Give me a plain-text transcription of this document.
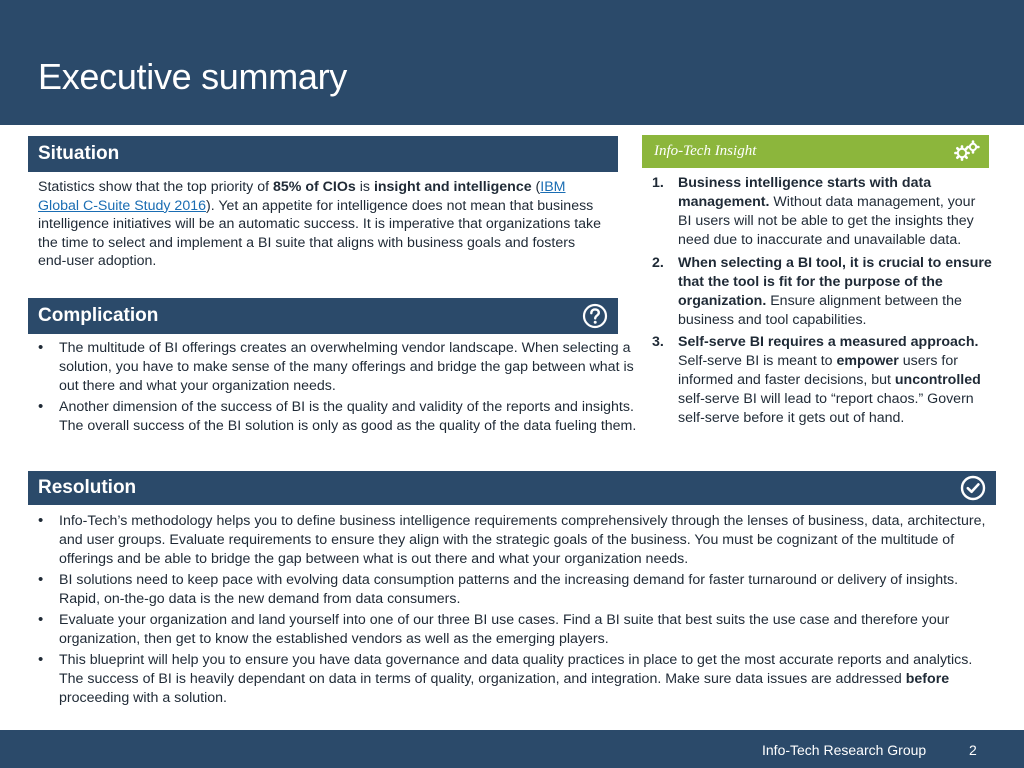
Executive summary
Situation
Statistics show that the top priority of 85% of CIOs is insight and intelligence (IBM Global C-Suite Study 2016). Yet an appetite for intelligence does not mean that business intelligence initiatives will be an automatic success. It is imperative that organizations take the time to select and implement a BI suite that aligns with business goals and fosters end-user adoption.
Complication
• The multitude of BI offerings creates an overwhelming vendor landscape. When selecting a solution, you have to make sense of the many offerings and bridge the gap between what is out there and what your organization needs.
• Another dimension of the success of BI is the quality and validity of the reports and insights. The overall success of the BI solution is only as good as the quality of the data fueling them.
Info-Tech Insight
1. Business intelligence starts with data management. Without data management, your BI users will not be able to get the insights they need due to inaccurate and unavailable data.
2. When selecting a BI tool, it is crucial to ensure that the tool is fit for the purpose of the organization. Ensure alignment between the business and tool capabilities.
3. Self-serve BI requires a measured approach. Self-serve BI is meant to empower users for informed and faster decisions, but uncontrolled self-serve BI will lead to “report chaos.” Govern self-serve before it gets out of hand.
Resolution
• Info-Tech’s methodology helps you to define business intelligence requirements comprehensively through the lenses of business, data, architecture, and user groups. Evaluate requirements to ensure they align with the strategic goals of the business. You must be cognizant of the multitude of offerings and be able to bridge the gap between what is out there and what your organization needs.
• BI solutions need to keep pace with evolving data consumption patterns and the increasing demand for faster turnaround or delivery of insights. Rapid, on-the-go data is the new demand from data consumers.
• Evaluate your organization and land yourself into one of our three BI use cases. Find a BI suite that best suits the use case and therefore your organization, then get to know the established vendors as well as the emerging players.
• This blueprint will help you to ensure you have data governance and data quality practices in place to get the most accurate reports and analytics. The success of BI is heavily dependant on data in terms of quality, organization, and integration. Make sure data issues are addressed before proceeding with a solution.
Info-Tech Research Group	2
